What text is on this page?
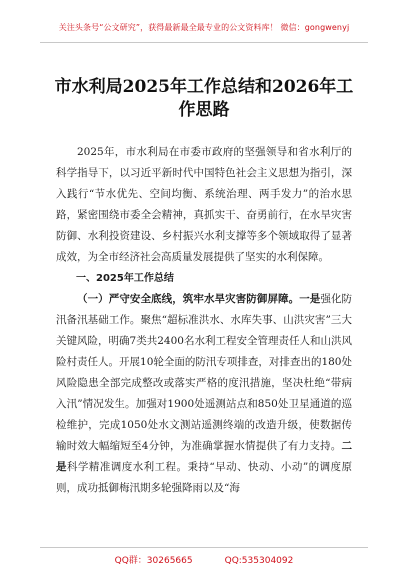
关注头条号“公文研究”，获得最新最全最专业的公文资料库！ 微信：gongwenyj
市水利局2025年工作总结和2026年工作思路

2025年，市水利局在市委市政府的坚强领导和省水利厅的科学指导下，以习近平新时代中国特色社会主义思想为指引，深入践行“节水优先、空间均衡、系统治理、两手发力”的治水思路，紧密围绕市委全会精神，真抓实干、奋勇前行，在水旱灾害防御、水利投资建设、乡村振兴水利支撑等多个领域取得了显著成效，为全市经济社会高质量发展提供了坚实的水利保障。

一、2025年工作总结

（一）严守安全底线，筑牢水旱灾害防御屏障。一是强化防汛备汛基础工作。聚焦“超标准洪水、水库失事、山洪灾害”三大关键风险，明确7类共2400名水利工程安全管理责任人和山洪风险村责任人。开展10轮全面的防汛专项排查，对排查出的180处风险隐患全部完成整改或落实严格的度汛措施，坚决杜绝“带病入汛”情况发生。加强对1900处遥测站点和850处卫星通道的巡检维护，完成1050处水文测站遥测终端的改造升级，使数据传输时效大幅缩短至4分钟，为准确掌握水情提供了有力支持。二是科学精准调度水利工程。秉持“早动、快动、小动”的调度原则，成功抵御梅汛期多轮强降雨以及“海

QQ群：30265665	QQ:535304092
